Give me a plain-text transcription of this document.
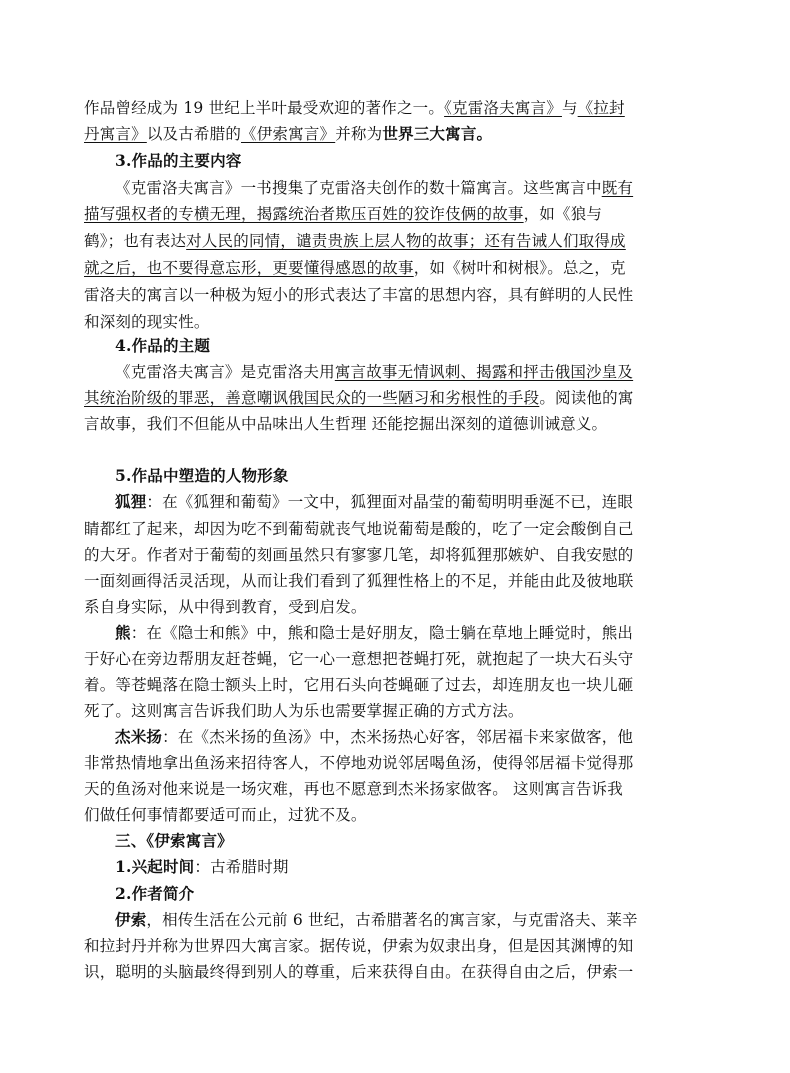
作品曾经成为 19 世纪上半叶最受欢迎的著作之一。《克雷洛夫寓言》与《拉封
丹寓言》以及古希腊的《伊索寓言》并称为世界三大寓言。
3.作品的主要内容
《克雷洛夫寓言》一书搜集了克雷洛夫创作的数十篇寓言。这些寓言中既有
描写强权者的专横无理，揭露统治者欺压百姓的狡诈伎俩的故事，如《狼与
鹤》；也有表达对人民的同情，谴责贵族上层人物的故事；还有告诫人们取得成
就之后，也不要得意忘形，更要懂得感恩的故事，如《树叶和树根》。总之，克
雷洛夫的寓言以一种极为短小的形式表达了丰富的思想内容，具有鲜明的人民性
和深刻的现实性。
4.作品的主题
《克雷洛夫寓言》是克雷洛夫用寓言故事无情讽刺、揭露和抨击俄国沙皇及
其统治阶级的罪恶，善意嘲讽俄国民众的一些陋习和劣根性的手段。阅读他的寓
言故事，我们不但能从中品味出人生哲理 还能挖掘出深刻的道德训诫意义。
5.作品中塑造的人物形象
狐狸：在《狐狸和葡萄》一文中，狐狸面对晶莹的葡萄明明垂涎不已，连眼
睛都红了起来，却因为吃不到葡萄就丧气地说葡萄是酸的，吃了一定会酸倒自己
的大牙。作者对于葡萄的刻画虽然只有寥寥几笔，却将狐狸那嫉妒、自我安慰的
一面刻画得活灵活现，从而让我们看到了狐狸性格上的不足，并能由此及彼地联
系自身实际，从中得到教育，受到启发。
熊：在《隐士和熊》中，熊和隐士是好朋友，隐士躺在草地上睡觉时，熊出
于好心在旁边帮朋友赶苍蝇，它一心一意想把苍蝇打死，就抱起了一块大石头守
着。等苍蝇落在隐士额头上时，它用石头向苍蝇砸了过去，却连朋友也一块儿砸
死了。这则寓言告诉我们助人为乐也需要掌握正确的方式方法。
杰米扬：在《杰米扬的鱼汤》中，杰米扬热心好客，邻居福卡来家做客，他
非常热情地拿出鱼汤来招待客人，不停地劝说邻居喝鱼汤，使得邻居福卡觉得那
天的鱼汤对他来说是一场灾难，再也不愿意到杰米扬家做客。 这则寓言告诉我
们做任何事情都要适可而止，过犹不及。
三、《伊索寓言》
1.兴起时间：古希腊时期
2.作者简介
伊索，相传生活在公元前 6 世纪，古希腊著名的寓言家，与克雷洛夫、莱辛
和拉封丹并称为世界四大寓言家。据传说，伊索为奴隶出身，但是因其渊博的知
识，聪明的头脑最终得到别人的尊重，后来获得自由。在获得自由之后，伊索一
